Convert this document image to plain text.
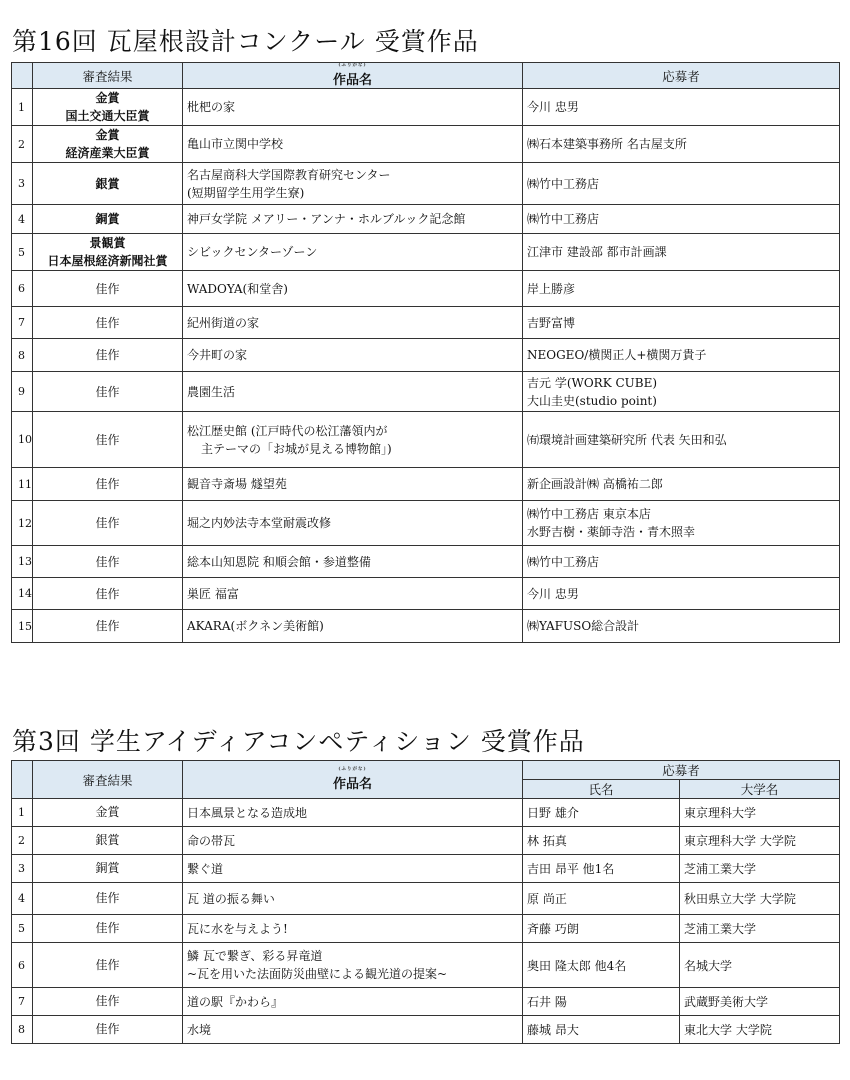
第16回 瓦屋根設計コンクール 受賞作品
	審査結果	(ふりがな)
作品名	応募者
1	金賞
国土交通大臣賞	枇杷の家	今川 忠男

2	金賞
経済産業大臣賞	亀山市立関中学校	㈱石本建築事務所 名古屋支所

3	銀賞	名古屋商科大学国際教育研究センター
(短期留学生用学生寮)	㈱竹中工務店

4	銅賞	神戸女学院 メアリー・アンナ・ホルブルック記念館	㈱竹中工務店

5	景観賞
日本屋根経済新聞社賞	シビックセンターゾーン	江津市 建設部 都市計画課

6	佳作	WADOYA(和堂舎)	岸上勝彦

7	佳作	紀州街道の家	吉野富博

8	佳作	今井町の家	NEOGEO/横関正人+横関万貴子

9	佳作	農園生活	吉元 学(WORK CUBE)
大山圭史(studio point)

10	佳作	松江歴史館 (江戸時代の松江藩領内が
主テーマの「お城が見える博物館」)	㈲環境計画建築研究所 代表 矢田和弘

11	佳作	観音寺斎場 燧望苑	新企画設計㈱ 高橋祐二郎

12	佳作	堀之内妙法寺本堂耐震改修	㈱竹中工務店 東京本店
水野吉樹・薬師寺浩・青木照幸

13	佳作	総本山知恩院 和順会館・参道整備	㈱竹中工務店

14	佳作	巣匠 福富	今川 忠男

15	佳作	AKARA(ボクネン美術館)	㈱YAFUSO総合設計
第3回 学生アイディアコンペティション 受賞作品
	審査結果	(ふりがな)
作品名	応募者	
			氏名	大学名
1	金賞	日本風景となる造成地	日野 雄介	東京理科大学
2	銀賞	命の帯瓦	林 拓真	東京理科大学 大学院
3	銅賞	繋ぐ道	吉田 昂平 他1名	芝浦工業大学
4	佳作	瓦 道の振る舞い	原 尚正	秋田県立大学 大学院
5	佳作	瓦に水を与えよう!	斉藤 巧朗	芝浦工業大学
6	佳作	鱗 瓦で繋ぎ、彩る昇竜道
~瓦を用いた法面防災曲壁による観光道の提案~	奥田 隆太郎 他4名	名城大学
7	佳作	道の駅『かわら』	石井 陽	武蔵野美術大学
8	佳作	水境	藤城 昂大	東北大学 大学院
